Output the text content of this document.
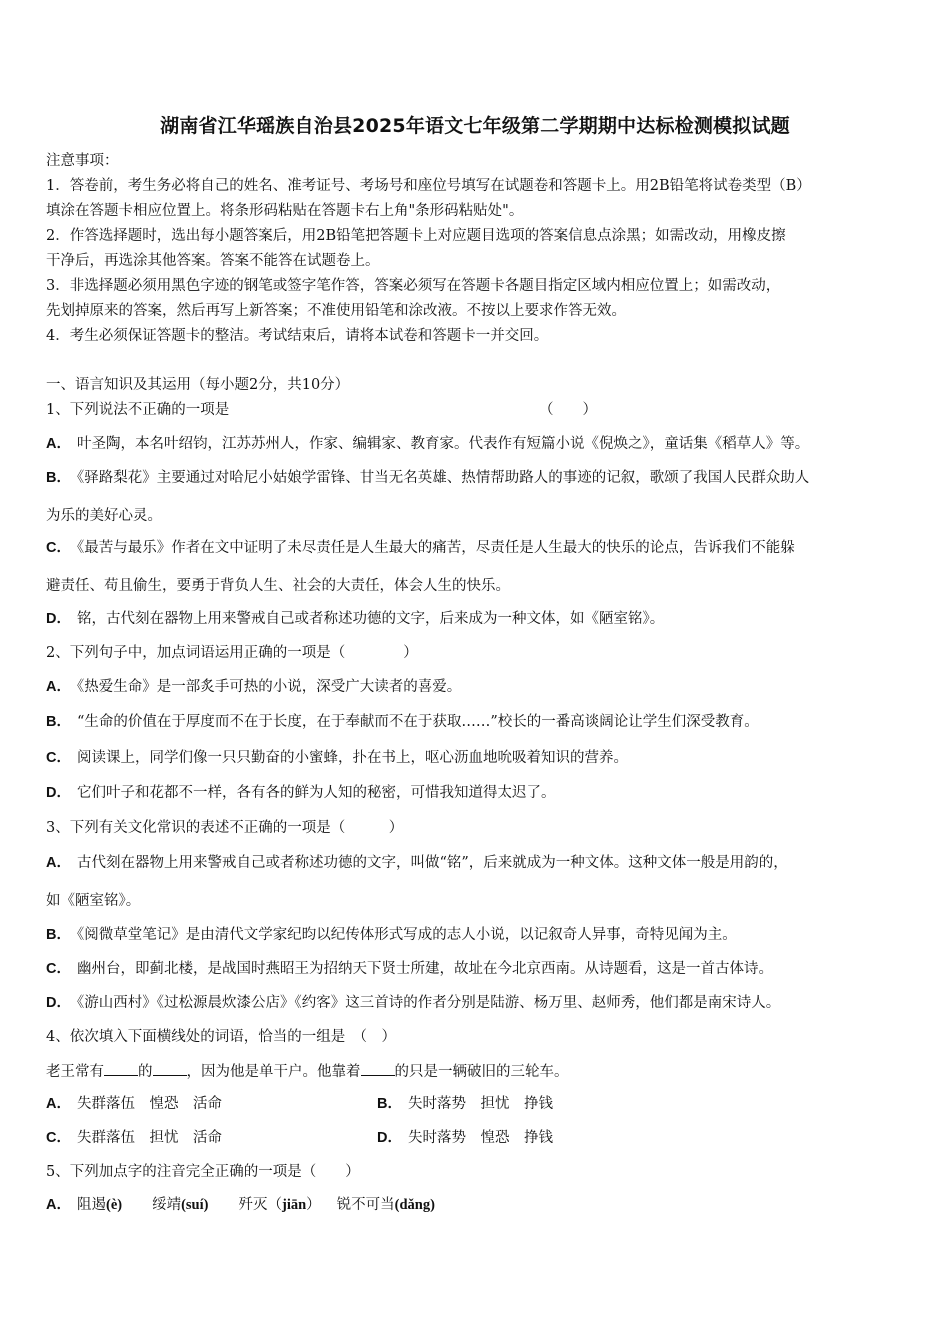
湖南省江华瑶族自治县2025年语文七年级第二学期期中达标检测模拟试题
注意事项：
1．答卷前，考生务必将自己的姓名、准考证号、考场号和座位号填写在试题卷和答题卡上。用2B铅笔将试卷类型（B）
填涂在答题卡相应位置上。将条形码粘贴在答题卡右上角"条形码粘贴处"。
2．作答选择题时，选出每小题答案后，用2B铅笔把答题卡上对应题目选项的答案信息点涂黑；如需改动，用橡皮擦
干净后，再选涂其他答案。答案不能答在试题卷上。
3．非选择题必须用黑色字迹的钢笔或签字笔作答，答案必须写在答题卡各题目指定区域内相应位置上；如需改动，
先划掉原来的答案，然后再写上新答案；不准使用铅笔和涂改液。不按以上要求作答无效。
4．考生必须保证答题卡的整洁。考试结束后，请将本试卷和答题卡一并交回。
一、语言知识及其运用（每小题2分，共10分）
1、下列说法不正确的一项是	（　　）
A． 叶圣陶，本名叶绍钧，江苏苏州人，作家、编辑家、教育家。代表作有短篇小说《倪焕之》，童话集《稻草人》等。
B． 《驿路梨花》主要通过对哈尼小姑娘学雷锋、甘当无名英雄、热情帮助路人的事迹的记叙，歌颂了我国人民群众助人
为乐的美好心灵。
C． 《最苦与最乐》作者在文中证明了未尽责任是人生最大的痛苦，尽责任是人生最大的快乐的论点，告诉我们不能躲
避责任、苟且偷生，要勇于背负人生、社会的大责任，体会人生的快乐。
D． 铭，古代刻在器物上用来警戒自己或者称述功德的文字，后来成为一种文体，如《陋室铭》。
2、下列句子中，加点词语运用正确的一项是（　　　　）
A． 《热爱生命》是一部炙手可热的小说，深受广大读者的喜爱。
B． “生命的价值在于厚度而不在于长度，在于奉献而不在于获取……”校长的一番高谈阔论让学生们深受教育。
C． 阅读课上，同学们像一只只勤奋的小蜜蜂，扑在书上，呕心沥血地吮吸着知识的营养。
D． 它们叶子和花都不一样，各有各的鲜为人知的秘密，可惜我知道得太迟了。
3、下列有关文化常识的表述不正确的一项是（　　　）
A． 古代刻在器物上用来警戒自己或者称述功德的文字，叫做“铭”，后来就成为一种文体。这种文体一般是用韵的，
如《陋室铭》。
B． 《阅微草堂笔记》是由清代文学家纪昀以纪传体形式写成的志人小说，以记叙奇人异事，奇特见闻为主。
C． 幽州台，即蓟北楼，是战国时燕昭王为招纳天下贤士所建，故址在今北京西南。从诗题看，这是一首古体诗。
D． 《游山西村》《过松源晨炊漆公店》《约客》这三首诗的作者分别是陆游、杨万里、赵师秀，他们都是南宋诗人。
4、依次填入下面横线处的词语，恰当的一组是　（　）
老王常有 的 ，因为他是单干户。他靠着 的只是一辆破旧的三轮车。
A． 失群落伍　惶恐　活命	B． 失时落势　担忧　挣钱
C． 失群落伍　担忧　活命	D． 失时落势　惶恐　挣钱
5、下列加点字的注音完全正确的一项是（　　）
A． 阻遏(è) 绥靖(suí) 歼灭（jiān） 锐不可当(dǎng)
